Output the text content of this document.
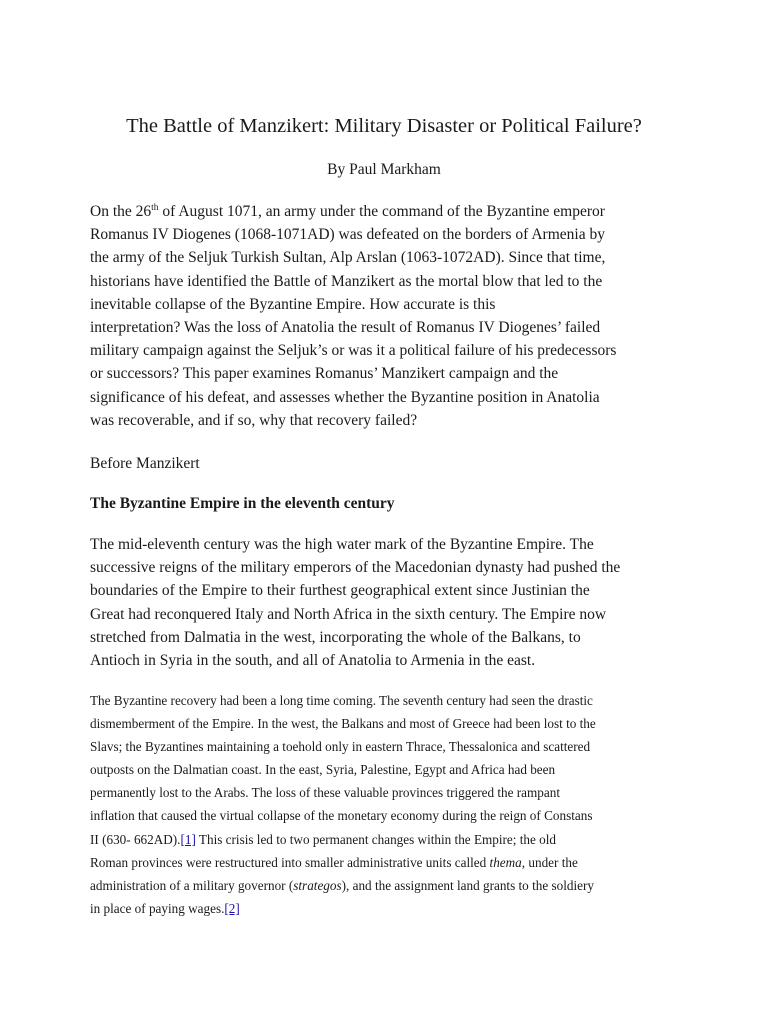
The Battle of Manzikert: Military Disaster or Political Failure?
By Paul Markham
On the 26th of August 1071, an army under the command of the Byzantine emperor
Romanus IV Diogenes (1068-1071AD) was defeated on the borders of Armenia by
the army of the Seljuk Turkish Sultan, Alp Arslan (1063-1072AD). Since that time,
historians have identified the Battle of Manzikert as the mortal blow that led to the
inevitable collapse of the Byzantine Empire. How accurate is this
interpretation? Was the loss of Anatolia the result of Romanus IV Diogenes’ failed
military campaign against the Seljuk’s or was it a political failure of his predecessors
or successors? This paper examines Romanus’ Manzikert campaign and the
significance of his defeat, and assesses whether the Byzantine position in Anatolia
was recoverable, and if so, why that recovery failed?
Before Manzikert
The Byzantine Empire in the eleventh century
The mid-eleventh century was the high water mark of the Byzantine Empire. The
successive reigns of the military emperors of the Macedonian dynasty had pushed the
boundaries of the Empire to their furthest geographical extent since Justinian the
Great had reconquered Italy and North Africa in the sixth century. The Empire now
stretched from Dalmatia in the west, incorporating the whole of the Balkans, to
Antioch in Syria in the south, and all of Anatolia to Armenia in the east.
The Byzantine recovery had been a long time coming. The seventh century had seen the drastic
dismemberment of the Empire. In the west, the Balkans and most of Greece had been lost to the
Slavs; the Byzantines maintaining a toehold only in eastern Thrace, Thessalonica and scattered
outposts on the Dalmatian coast. In the east, Syria, Palestine, Egypt and Africa had been
permanently lost to the Arabs. The loss of these valuable provinces triggered the rampant
inflation that caused the virtual collapse of the monetary economy during the reign of Constans
II (630- 662AD).[1] This crisis led to two permanent changes within the Empire; the old
Roman provinces were restructured into smaller administrative units called thema, under the
administration of a military governor (strategos), and the assignment land grants to the soldiery
in place of paying wages.[2]
